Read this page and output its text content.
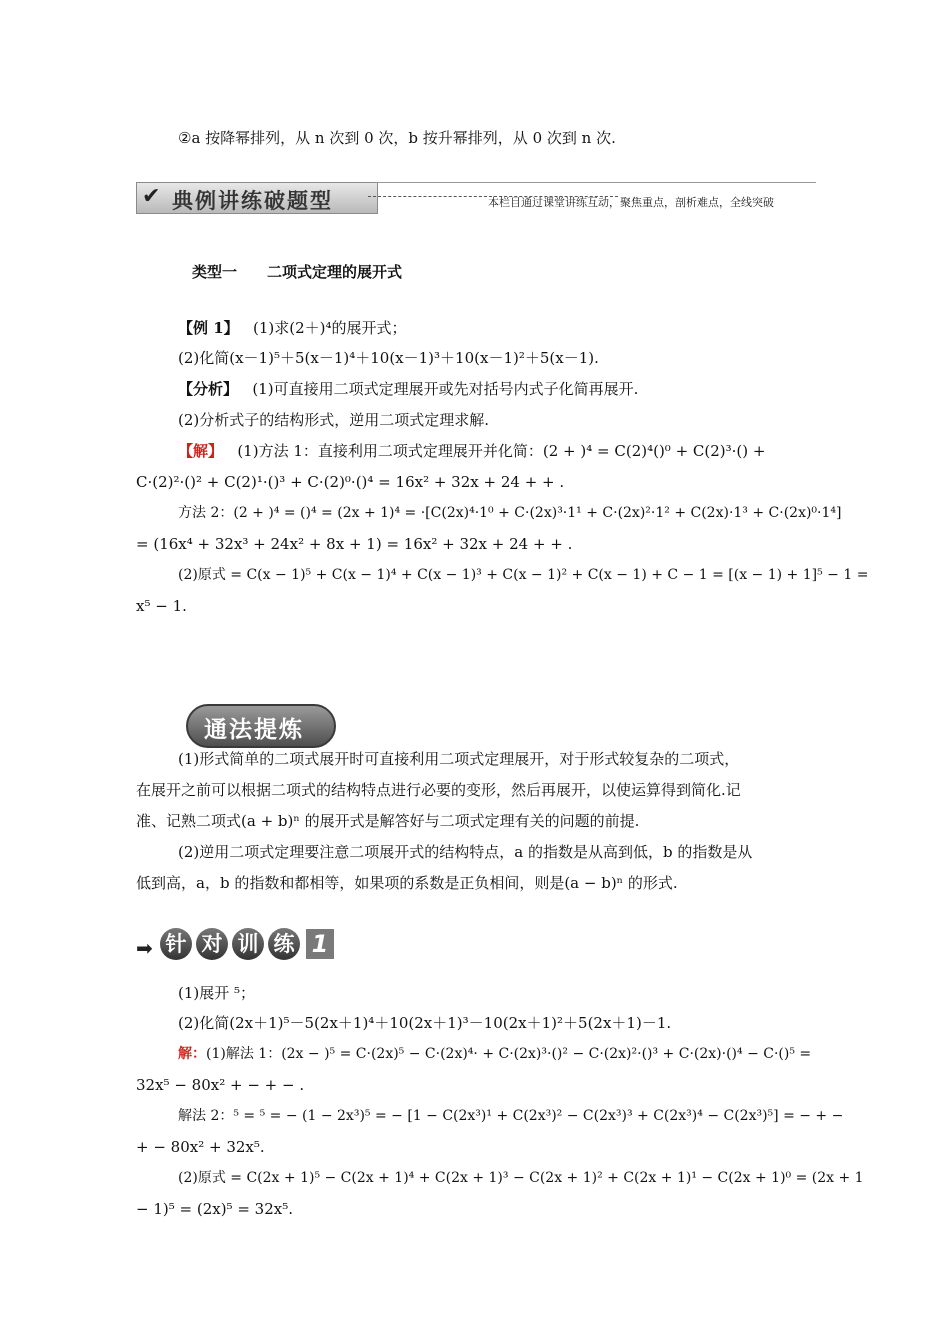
②a 按降幂排列，从 n 次到 0 次，b 按升幂排列，从 0 次到 n 次.
✔ 典例讲练破题型	本栏目通过课堂讲练互动，聚焦重点，剖析难点，全线突破
类型一　　二项式定理的展开式
【例 1】 (1)求(2＋)⁴的展开式；
(2)化简(x－1)⁵＋5(x－1)⁴＋10(x－1)³＋10(x－1)²＋5(x－1).
【分析】 (1)可直接用二项式定理展开或先对括号内式子化简再展开.
(2)分析式子的结构形式，逆用二项式定理求解.
【解】 (1)方法 1：直接利用二项式定理展开并化简：(2 + )⁴ = C(2)⁴()⁰ + C(2)³·() +
C·(2)²·()² + C(2)¹·()³ + C·(2)⁰·()⁴ = 16x² + 32x + 24 + + .
方法 2：(2 + )⁴ = ()⁴ = (2x + 1)⁴ = ·[C(2x)⁴·1⁰ + C·(2x)³·1¹ + C·(2x)²·1² + C(2x)·1³ + C·(2x)⁰·1⁴]
= (16x⁴ + 32x³ + 24x² + 8x + 1) = 16x² + 32x + 24 + + .
(2)原式 = C(x − 1)⁵ + C(x − 1)⁴ + C(x − 1)³ + C(x − 1)² + C(x − 1) + C − 1 = [(x − 1) + 1]⁵ − 1 =
x⁵ − 1.
通法提炼
(1)形式简单的二项式展开时可直接利用二项式定理展开，对于形式较复杂的二项式，
在展开之前可以根据二项式的结构特点进行必要的变形，然后再展开，以使运算得到简化.记
准、记熟二项式(a + b)ⁿ 的展开式是解答好与二项式定理有关的问题的前提.
(2)逆用二项式定理要注意二项展开式的结构特点，a 的指数是从高到低，b 的指数是从
低到高，a，b 的指数和都相等，如果项的系数是正负相间，则是(a − b)ⁿ 的形式.
➡ 针 对 训 练 1
(1)展开 ⁵；
(2)化简(2x＋1)⁵－5(2x＋1)⁴＋10(2x＋1)³－10(2x＋1)²＋5(2x＋1)－1.
解：(1)解法 1：(2x − )⁵ = C·(2x)⁵ − C·(2x)⁴· + C·(2x)³·()² − C·(2x)²·()³ + C·(2x)·()⁴ − C·()⁵ =
32x⁵ − 80x² + − + − .
解法 2：⁵ = ⁵ = − (1 − 2x³)⁵ = − [1 − C(2x³)¹ + C(2x³)² − C(2x³)³ + C(2x³)⁴ − C(2x³)⁵] = − + −
+ − 80x² + 32x⁵.
(2)原式 = C(2x + 1)⁵ − C(2x + 1)⁴ + C(2x + 1)³ − C(2x + 1)² + C(2x + 1)¹ − C(2x + 1)⁰ = (2x + 1
− 1)⁵ = (2x)⁵ = 32x⁵.
